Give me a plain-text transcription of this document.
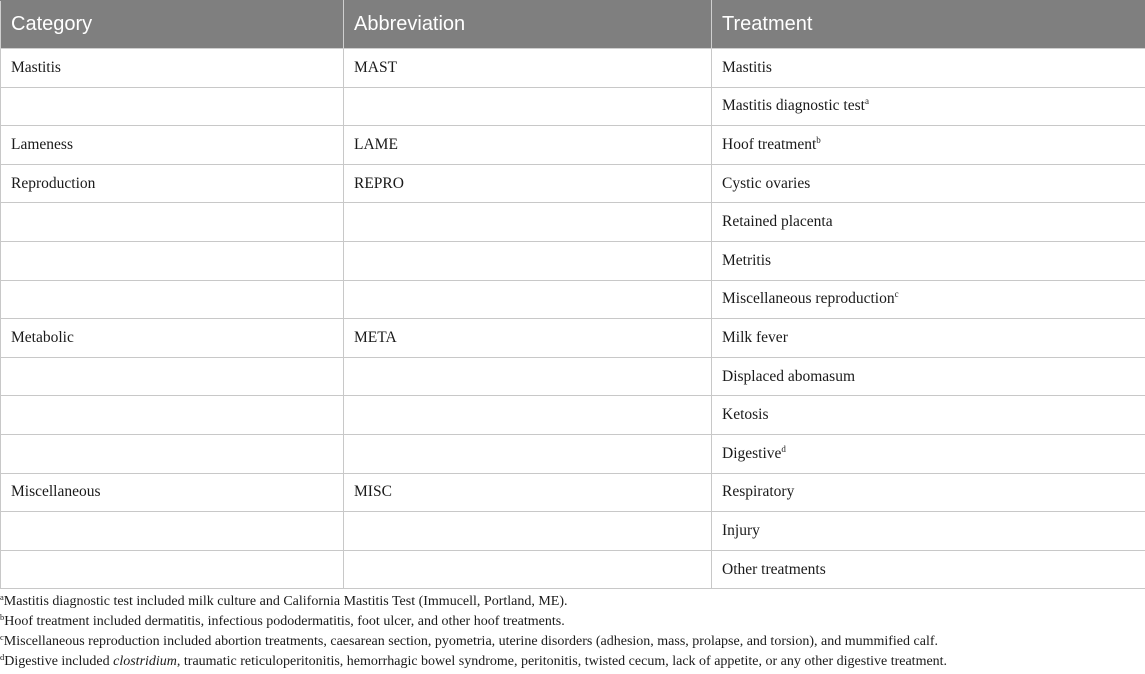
Category	Abbreviation	Treatment
Mastitis	MAST	Mastitis
		Mastitis diagnostic test$^a$
Lameness	LAME	Hoof treatment$^b$
Reproduction	REPRO	Cystic ovaries
		Retained placenta
		Metritis
		Miscellaneous reproduction$^c$
Metabolic	META	Milk fever
		Displaced abomasum
		Ketosis
		Digestive$^d$
Miscellaneous	MISC	Respiratory
		Injury
		Other treatments
$^a$Mastitis diagnostic test included milk culture and California Mastitis Test (Immucell, Portland, ME).
$^b$Hoof treatment included dermatitis, infectious pododermatitis, foot ulcer, and other hoof treatments.
$^c$Miscellaneous reproduction included abortion treatments, caesarean section, pyometria, uterine disorders (adhesion, mass, prolapse, and torsion), and mummified calf.
$^d$Digestive included clostridium, traumatic reticuloperitonitis, hemorrhagic bowel syndrome, peritonitis, twisted cecum, lack of appetite, or any other digestive treatment.
